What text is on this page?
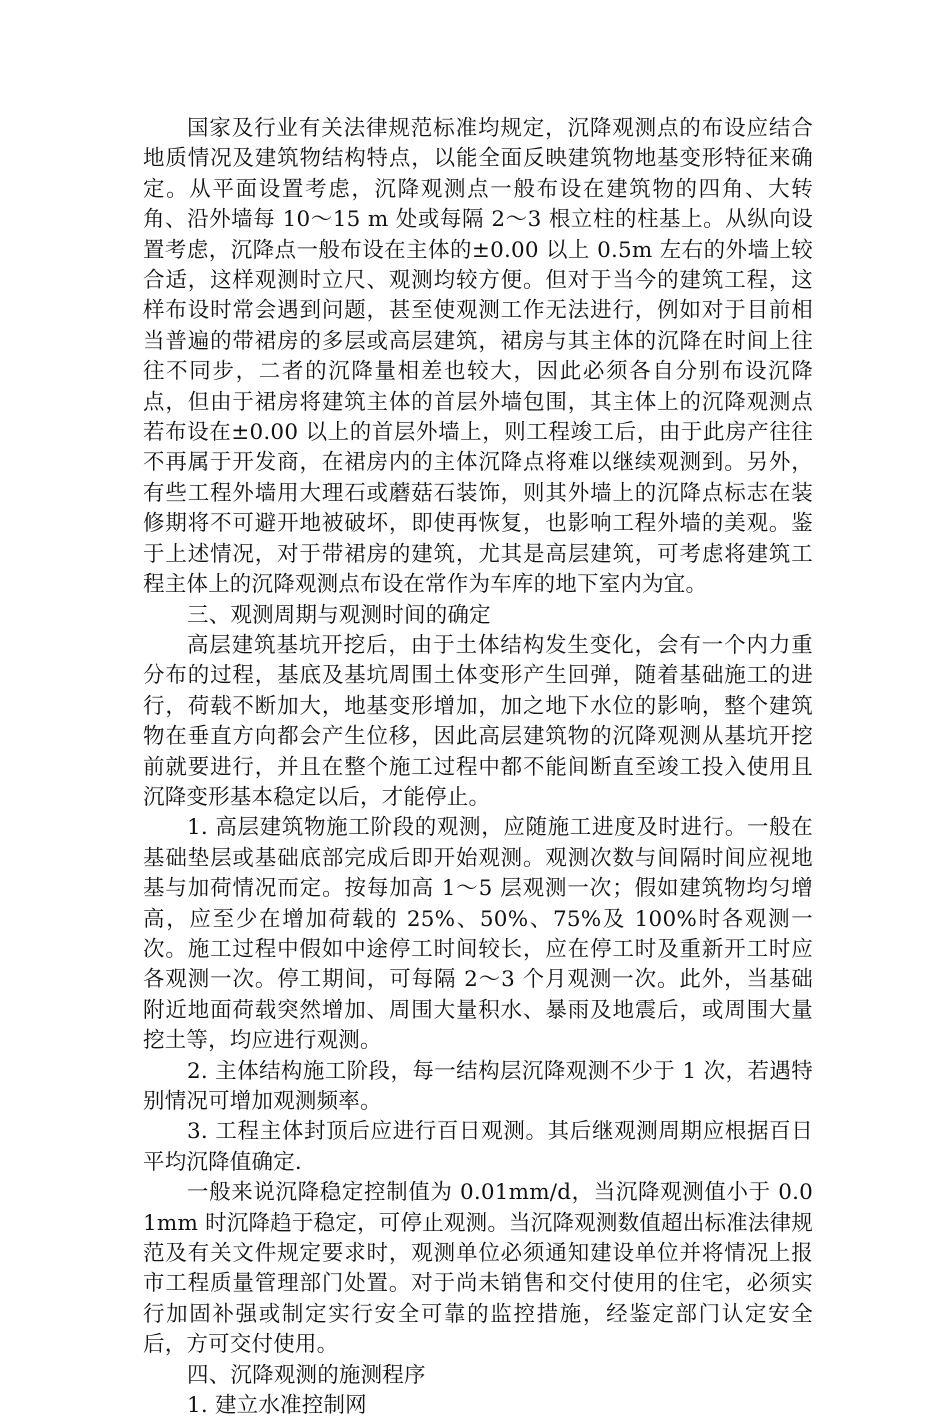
国家及行业有关法律规范标准均规定，沉降观测点的布设应结合地质情况及建筑物结构特点，以能全面反映建筑物地基变形特征来确定。从平面设置考虑，沉降观测点一般布设在建筑物的四角、大转角、沿外墙每 10～15 m 处或每隔 2～3 根立柱的柱基上。从纵向设置考虑，沉降点一般布设在主体的±0.00 以上 0.5m 左右的外墙上较合适，这样观测时立尺、观测均较方便。但对于当今的建筑工程，这样布设时常会遇到问题，甚至使观测工作无法进行，例如对于目前相当普遍的带裙房的多层或高层建筑，裙房与其主体的沉降在时间上往往不同步，二者的沉降量相差也较大，因此必须各自分别布设沉降点，但由于裙房将建筑主体的首层外墙包围，其主体上的沉降观测点若布设在±0.00 以上的首层外墙上，则工程竣工后，由于此房产往往不再属于开发商，在裙房内的主体沉降点将难以继续观测到。另外，有些工程外墙用大理石或蘑菇石装饰，则其外墙上的沉降点标志在装修期将不可避开地被破坏，即使再恢复，也影响工程外墙的美观。鉴于上述情况，对于带裙房的建筑，尤其是高层建筑，可考虑将建筑工程主体上的沉降观测点布设在常作为车库的地下室内为宜。

三、观测周期与观测时间的确定

高层建筑基坑开挖后，由于土体结构发生变化，会有一个内力重分布的过程，基底及基坑周围土体变形产生回弹，随着基础施工的进行，荷载不断加大，地基变形增加，加之地下水位的影响，整个建筑物在垂直方向都会产生位移，因此高层建筑物的沉降观测从基坑开挖前就要进行，并且在整个施工过程中都不能间断直至竣工投入使用且沉降变形基本稳定以后，才能停止。

1. 高层建筑物施工阶段的观测，应随施工进度及时进行。一般在基础垫层或基础底部完成后即开始观测。观测次数与间隔时间应视地基与加荷情况而定。按每加高 1～5 层观测一次；假如建筑物均匀增高，应至少在增加荷载的 25%、50%、75%及 100%时各观测一次。施工过程中假如中途停工时间较长，应在停工时及重新开工时应各观测一次。停工期间，可每隔 2～3 个月观测一次。此外，当基础附近地面荷载突然增加、周围大量积水、暴雨及地震后，或周围大量挖土等，均应进行观测。

2. 主体结构施工阶段，每一结构层沉降观测不少于 1 次，若遇特别情况可增加观测频率。

3. 工程主体封顶后应进行百日观测。其后继观测周期应根据百日平均沉降值确定.

一般来说沉降稳定控制值为 0.01mm/d，当沉降观测值小于 0.01mm 时沉降趋于稳定，可停止观测。当沉降观测数值超出标准法律规范及有关文件规定要求时，观测单位必须通知建设单位并将情况上报市工程质量管理部门处置。对于尚未销售和交付使用的住宅，必须实行加固补强或制定实行安全可靠的监控措施，经鉴定部门认定安全后，方可交付使用。

四、沉降观测的施测程序

1. 建立水准控制网
